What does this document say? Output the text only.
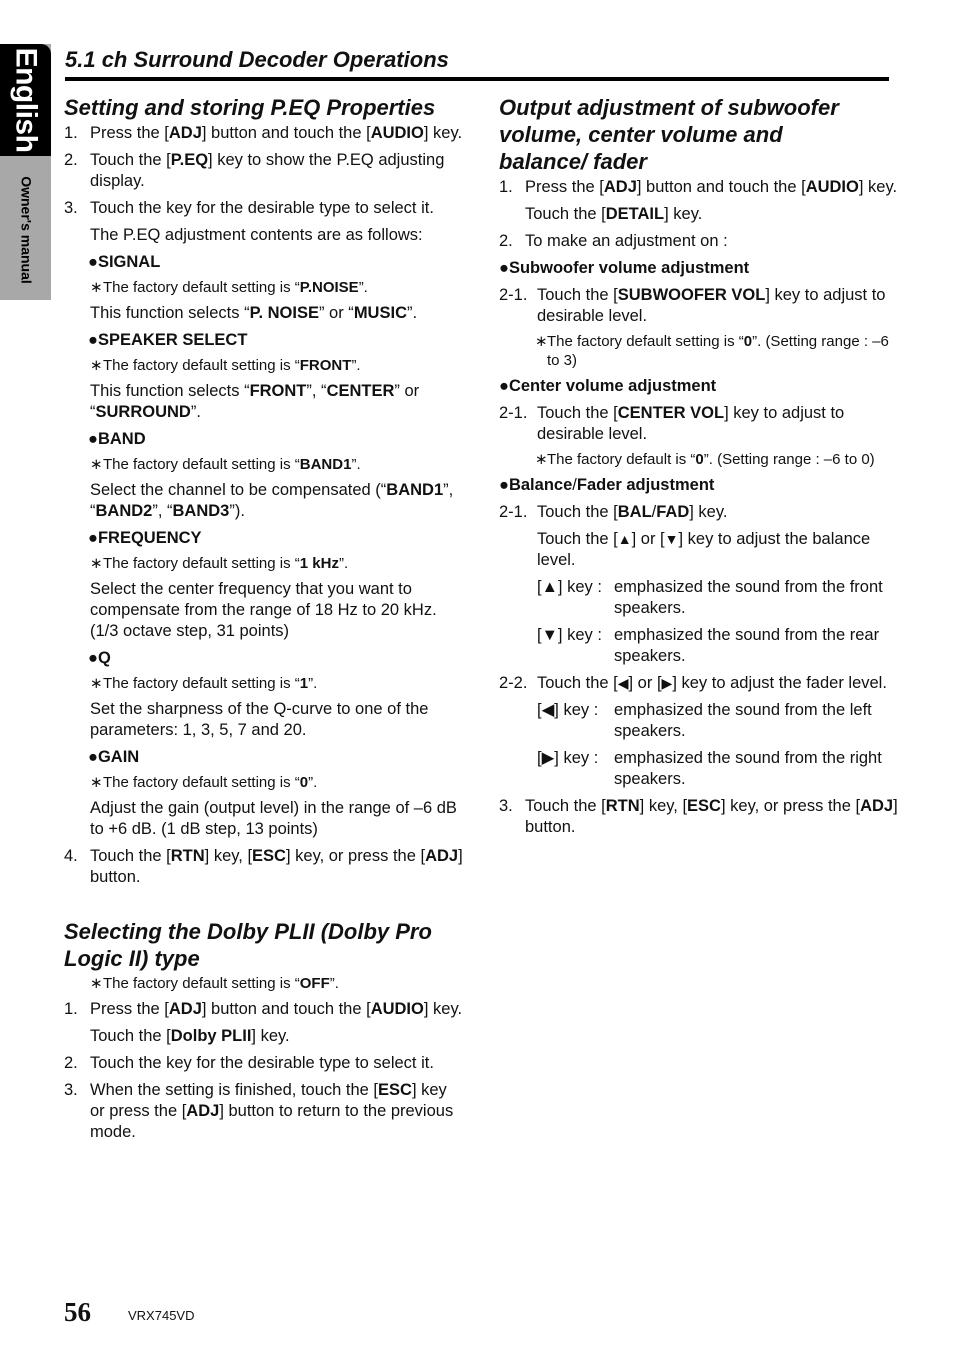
English
Owner's manual
5.1 ch Surround Decoder Operations
Setting and storing P.EQ Properties
1. Press the [ADJ] button and touch the [AUDIO] key.
2. Touch the [P.EQ] key to show the P.EQ adjusting display.
3. Touch the key for the desirable type to select it.
The P.EQ adjustment contents are as follows:
●SIGNAL
∗ The factory default setting is “P.NOISE”.
This function selects “P. NOISE” or “MUSIC”.
●SPEAKER SELECT
∗ The factory default setting is “FRONT”.
This function selects “FRONT”, “CENTER” or “SURROUND”.
●BAND
∗ The factory default setting is “BAND1”.
Select the channel to be compensated (“BAND1”, “BAND2”, “BAND3”).
●FREQUENCY
∗ The factory default setting is “1 kHz”.
Select the center frequency that you want to compensate from the range of 18 Hz to 20 kHz. (1/3 octave step, 31 points)
●Q
∗ The factory default setting is “1”.
Set the sharpness of the Q-curve to one of the parameters: 1, 3, 5, 7 and 20.
●GAIN
∗ The factory default setting is “0”.
Adjust the gain (output level) in the range of –6 dB to +6 dB. (1 dB step, 13 points)
4. Touch the [RTN] key, [ESC] key, or press the [ADJ] button.
Selecting the Dolby PLII (Dolby Pro
Logic II) type
∗ The factory default setting is “OFF”.
1. Press the [ADJ] button and touch the [AUDIO] key.
Touch the [Dolby PLII] key.
2. Touch the key for the desirable type to select it.
3. When the setting is finished, touch the [ESC] key or press the [ADJ] button to return to the previous mode.
Output adjustment of subwoofer volume, center volume and balance/ fader
1. Press the [ADJ] button and touch the [AUDIO] key.
Touch the [DETAIL] key.
2. To make an adjustment on :
●Subwoofer volume adjustment
2-1. Touch the [SUBWOOFER VOL] key to adjust to desirable level.
∗ The factory default setting is “0”. (Setting range : –6 to 3)
●Center volume adjustment
2-1. Touch the [CENTER VOL] key to adjust to desirable level.
∗ The factory default is “0”. (Setting range : –6 to 0)
●Balance/Fader adjustment
2-1. Touch the [BAL/FAD] key.
Touch the [▲] or [▼] key to adjust the balance level.
[▲] key : emphasized the sound from the front speakers.
[▼] key : emphasized the sound from the rear speakers.
2-2. Touch the [◀] or [▶] key to adjust the fader level.
[◀] key : emphasized the sound from the left speakers.
[▶] key : emphasized the sound from the right speakers.
3. Touch the [RTN] key, [ESC] key, or press the [ADJ] button.
56	VRX745VD
